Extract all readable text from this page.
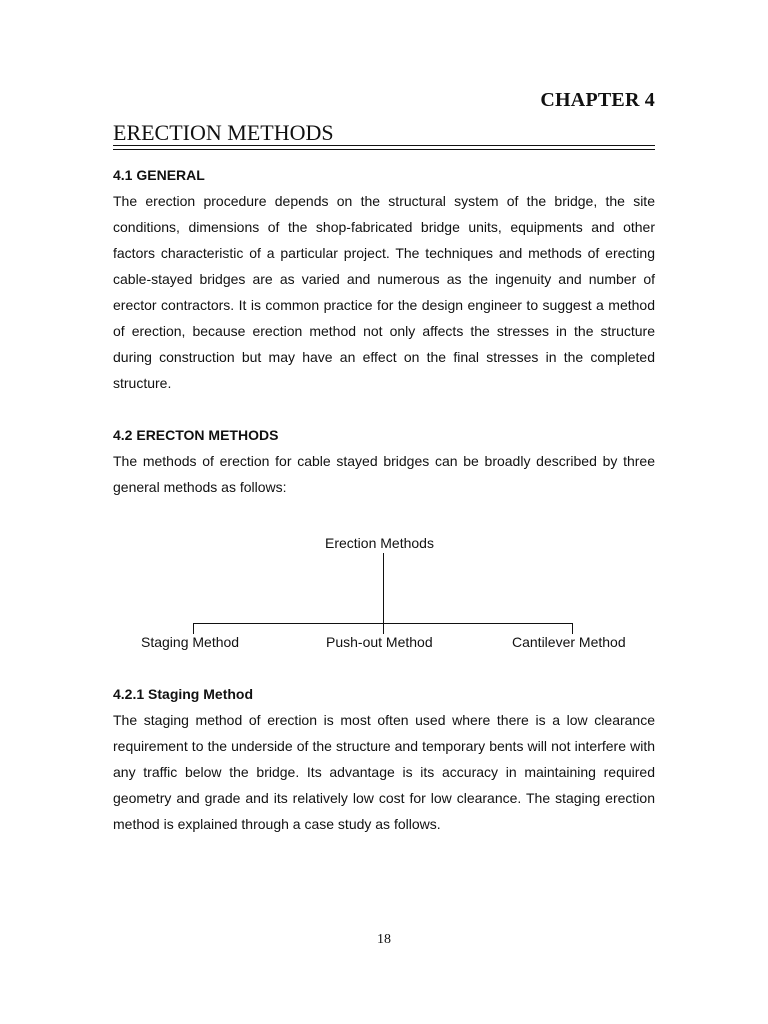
CHAPTER 4
ERECTION METHODS
4.1 GENERAL

The erection procedure depends on the structural system of the bridge, the site conditions, dimensions of the shop-fabricated bridge units, equipments and other factors characteristic of a particular project. The techniques and methods of erecting cable-stayed bridges are as varied and numerous as the ingenuity and number of erector contractors. It is common practice for the design engineer to suggest a method of erection, because erection method not only affects the stresses in the structure during construction but may have an effect on the final stresses in the completed structure.

4.2 ERECTON METHODS

The methods of erection for cable stayed bridges can be broadly described by three general methods as follows:

Erection Methods
Staging Method	Push-out Method	Cantilever Method
4.2.1 Staging Method

The staging method of erection is most often used where there is a low clearance requirement to the underside of the structure and temporary bents will not interfere with any traffic below the bridge. Its advantage is its accuracy in maintaining required geometry and grade and its relatively low cost for low clearance. The staging erection method is explained through a case study as follows.

18
